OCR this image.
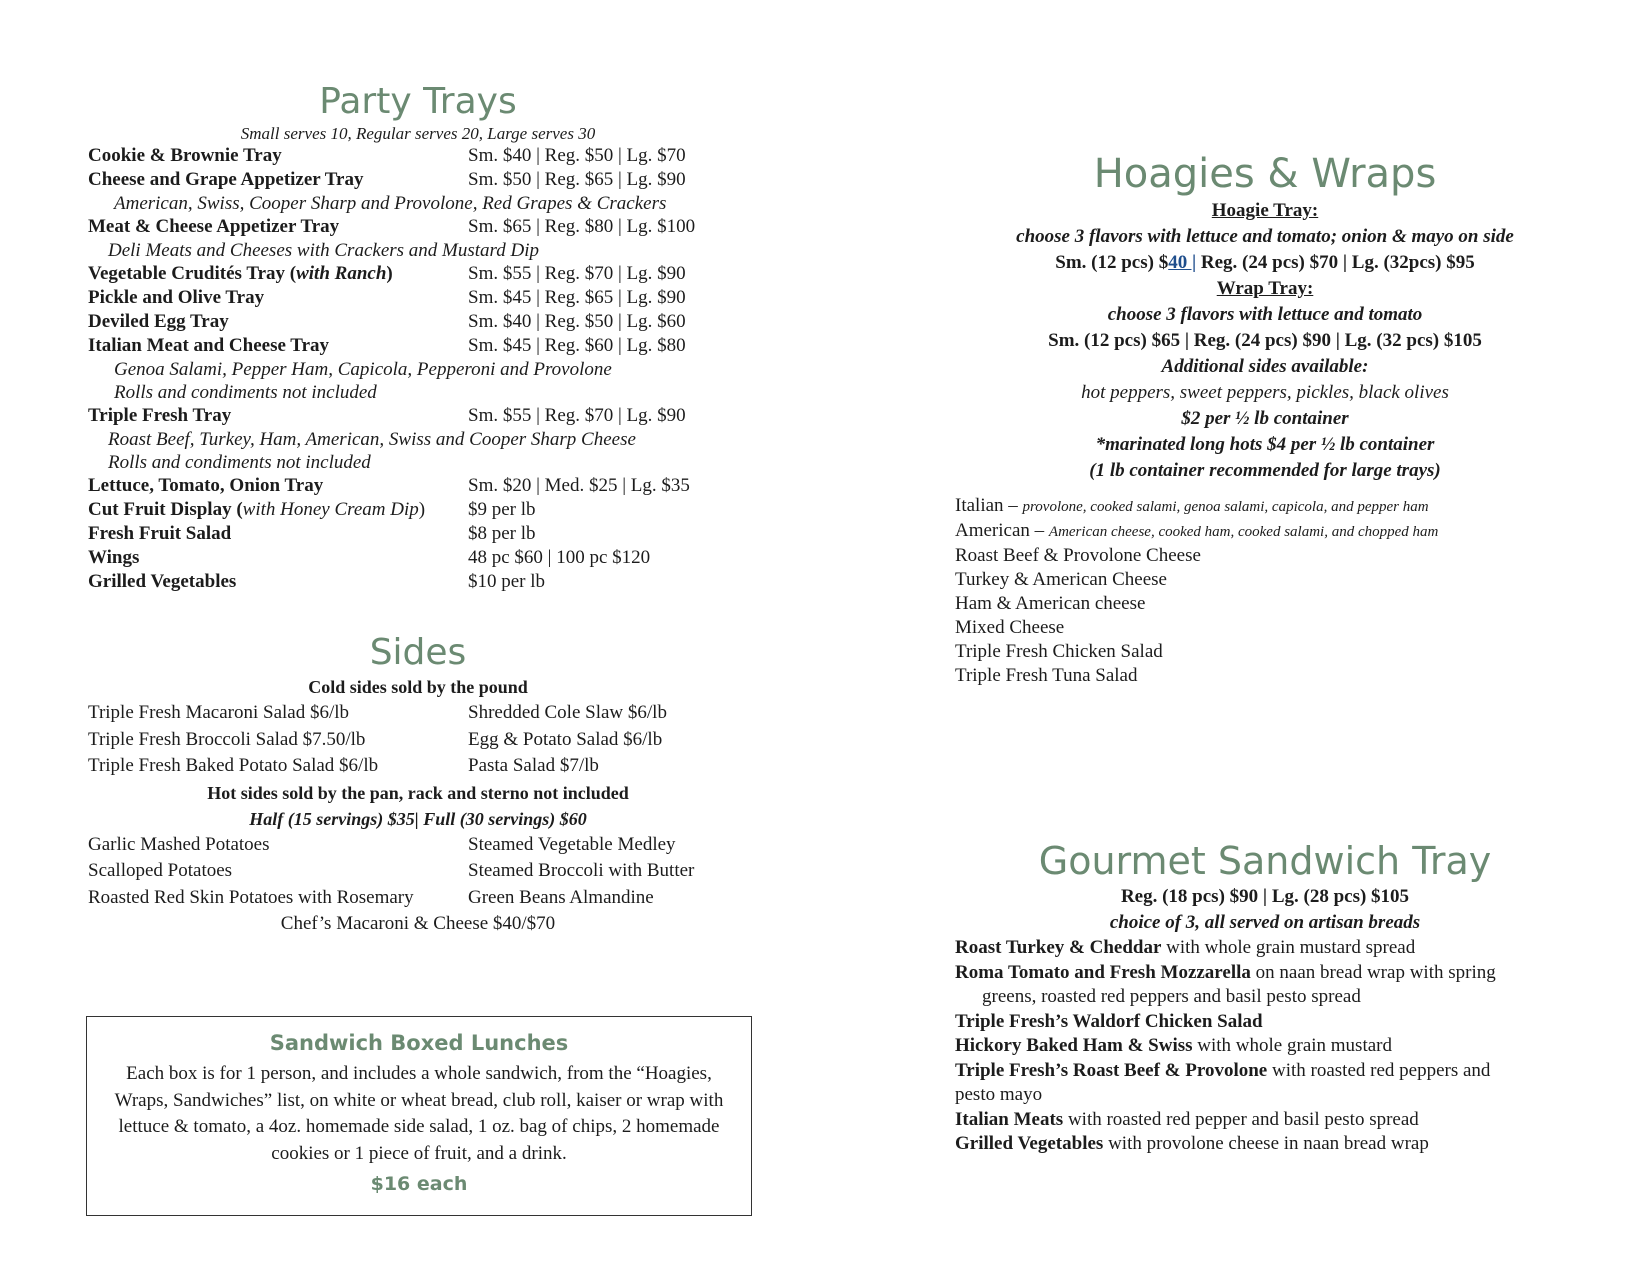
Party Trays
Small serves 10, Regular serves 20, Large serves 30
Cookie & Brownie Tray	Sm. $40 | Reg. $50 | Lg. $70
Cheese and Grape Appetizer Tray	Sm. $50 | Reg. $65 | Lg. $90
American, Swiss, Cooper Sharp and Provolone, Red Grapes & Crackers
Meat & Cheese Appetizer Tray	Sm. $65 | Reg. $80 | Lg. $100
Deli Meats and Cheeses with Crackers and Mustard Dip
Vegetable Crudités Tray (with Ranch)	Sm. $55 | Reg. $70 | Lg. $90
Pickle and Olive Tray	Sm. $45 | Reg. $65 | Lg. $90
Deviled Egg Tray	Sm. $40 | Reg. $50 | Lg. $60
Italian Meat and Cheese Tray	Sm. $45 | Reg. $60 | Lg. $80
Genoa Salami, Pepper Ham, Capicola, Pepperoni and Provolone
Rolls and condiments not included
Triple Fresh Tray	Sm. $55 | Reg. $70 | Lg. $90
Roast Beef, Turkey, Ham, American, Swiss and Cooper Sharp Cheese
Rolls and condiments not included
Lettuce, Tomato, Onion Tray	Sm. $20 | Med. $25 | Lg. $35
Cut Fruit Display (with Honey Cream Dip)	$9 per lb
Fresh Fruit Salad	$8 per lb
Wings	48 pc $60 | 100 pc $120
Grilled Vegetables	$10 per lb
Sides
Cold sides sold by the pound
Triple Fresh Macaroni Salad $6/lb	Shredded Cole Slaw $6/lb
Triple Fresh Broccoli Salad $7.50/lb	Egg & Potato Salad $6/lb
Triple Fresh Baked Potato Salad $6/lb	Pasta Salad $7/lb
Hot sides sold by the pan, rack and sterno not included
Half (15 servings) $35| Full (30 servings) $60
Garlic Mashed Potatoes	Steamed Vegetable Medley
Scalloped Potatoes	Steamed Broccoli with Butter
Roasted Red Skin Potatoes with Rosemary	Green Beans Almandine
Chef’s Macaroni & Cheese $40/$70
Sandwich Boxed Lunches
Each box is for 1 person, and includes a whole sandwich, from the “Hoagies, Wraps, Sandwiches” list, on white or wheat bread, club roll, kaiser or wrap with lettuce & tomato, a 4oz. homemade side salad, 1 oz. bag of chips, 2 homemade cookies or 1 piece of fruit, and a drink.
$16 each
Hoagies & Wraps
Hoagie Tray:
choose 3 flavors with lettuce and tomato; onion & mayo on side
Sm. (12 pcs) $40 | Reg. (24 pcs) $70 | Lg. (32pcs) $95
Wrap Tray:
choose 3 flavors with lettuce and tomato
Sm. (12 pcs) $65 | Reg. (24 pcs) $90 | Lg. (32 pcs) $105
Additional sides available:
hot peppers, sweet peppers, pickles, black olives
$2 per ½ lb container
*marinated long hots $4 per ½ lb container
(1 lb container recommended for large trays)
Italian – provolone, cooked salami, genoa salami, capicola, and pepper ham
American – American cheese, cooked ham, cooked salami, and chopped ham
Roast Beef & Provolone Cheese
Turkey & American Cheese
Ham & American cheese
Mixed Cheese
Triple Fresh Chicken Salad
Triple Fresh Tuna Salad
Gourmet Sandwich Tray
Reg. (18 pcs) $90 | Lg. (28 pcs) $105
choice of 3, all served on artisan breads
Roast Turkey & Cheddar with whole grain mustard spread
Roma Tomato and Fresh Mozzarella on naan bread wrap with spring
greens, roasted red peppers and basil pesto spread
Triple Fresh’s Waldorf Chicken Salad
Hickory Baked Ham & Swiss with whole grain mustard
Triple Fresh’s Roast Beef & Provolone with roasted red peppers and
pesto mayo
Italian Meats with roasted red pepper and basil pesto spread
Grilled Vegetables with provolone cheese in naan bread wrap
